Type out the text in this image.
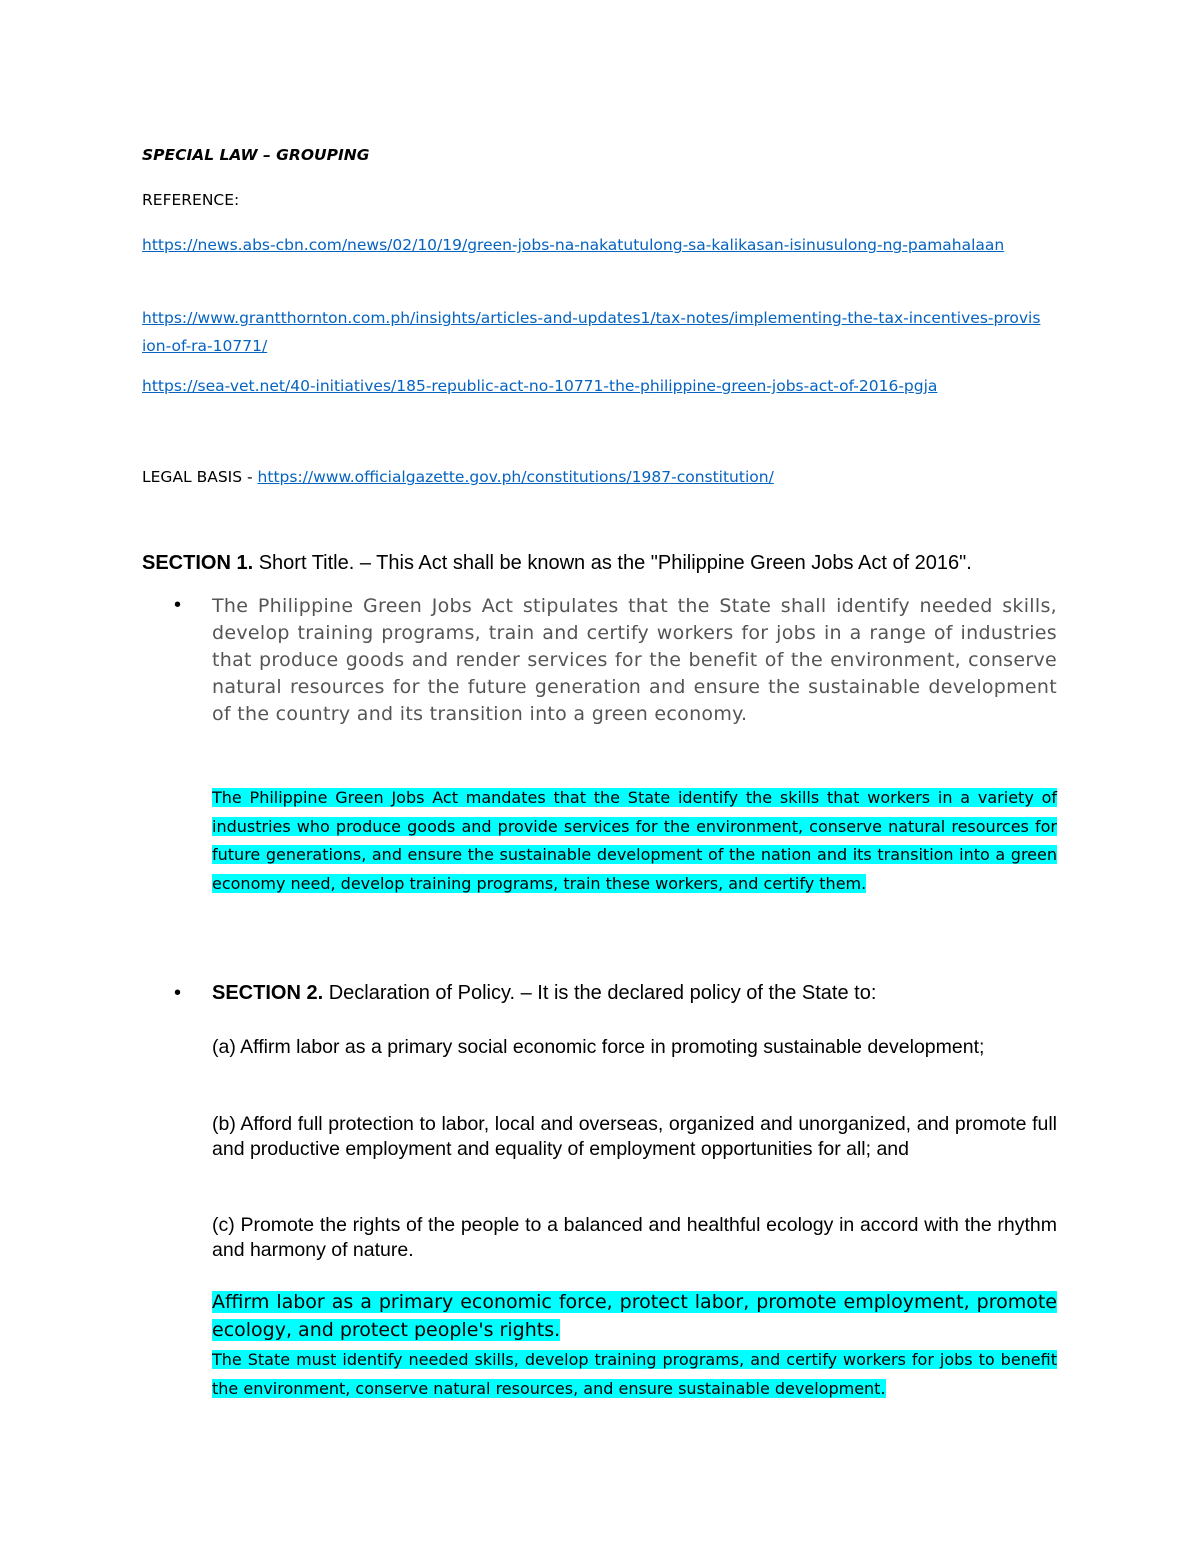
SPECIAL LAW – GROUPING
REFERENCE:
https://news.abs-cbn.com/news/02/10/19/green-jobs-na-nakatutulong-sa-kalikasan-isinusulong-ng-pamahalaan
https://www.grantthornton.com.ph/insights/articles-and-updates1/tax-notes/implementing-the-tax-incentives-provision-of-ra-10771/
https://sea-vet.net/40-initiatives/185-republic-act-no-10771-the-philippine-green-jobs-act-of-2016-pgja
LEGAL BASIS - https://www.officialgazette.gov.ph/constitutions/1987-constitution/
SECTION 1. Short Title. – This Act shall be known as the "Philippine Green Jobs Act of 2016".
• The Philippine Green Jobs Act stipulates that the State shall identify needed skills, develop training programs, train and certify workers for jobs in a range of industries that produce goods and render services for the benefit of the environment, conserve natural resources for the future generation and ensure the sustainable development of the country and its transition into a green economy.
The Philippine Green Jobs Act mandates that the State identify the skills that workers in a variety of industries who produce goods and provide services for the environment, conserve natural resources for future generations, and ensure the sustainable development of the nation and its transition into a green economy need, develop training programs, train these workers, and certify them.
• SECTION 2. Declaration of Policy. – It is the declared policy of the State to:
(a) Affirm labor as a primary social economic force in promoting sustainable development;
(b) Afford full protection to labor, local and overseas, organized and unorganized, and promote full and productive employment and equality of employment opportunities for all; and
(c) Promote the rights of the people to a balanced and healthful ecology in accord with the rhythm and harmony of nature.
Affirm labor as a primary economic force, protect labor, promote employment, promote ecology, and protect people's rights.
The State must identify needed skills, develop training programs, and certify workers for jobs to benefit the environment, conserve natural resources, and ensure sustainable development.
